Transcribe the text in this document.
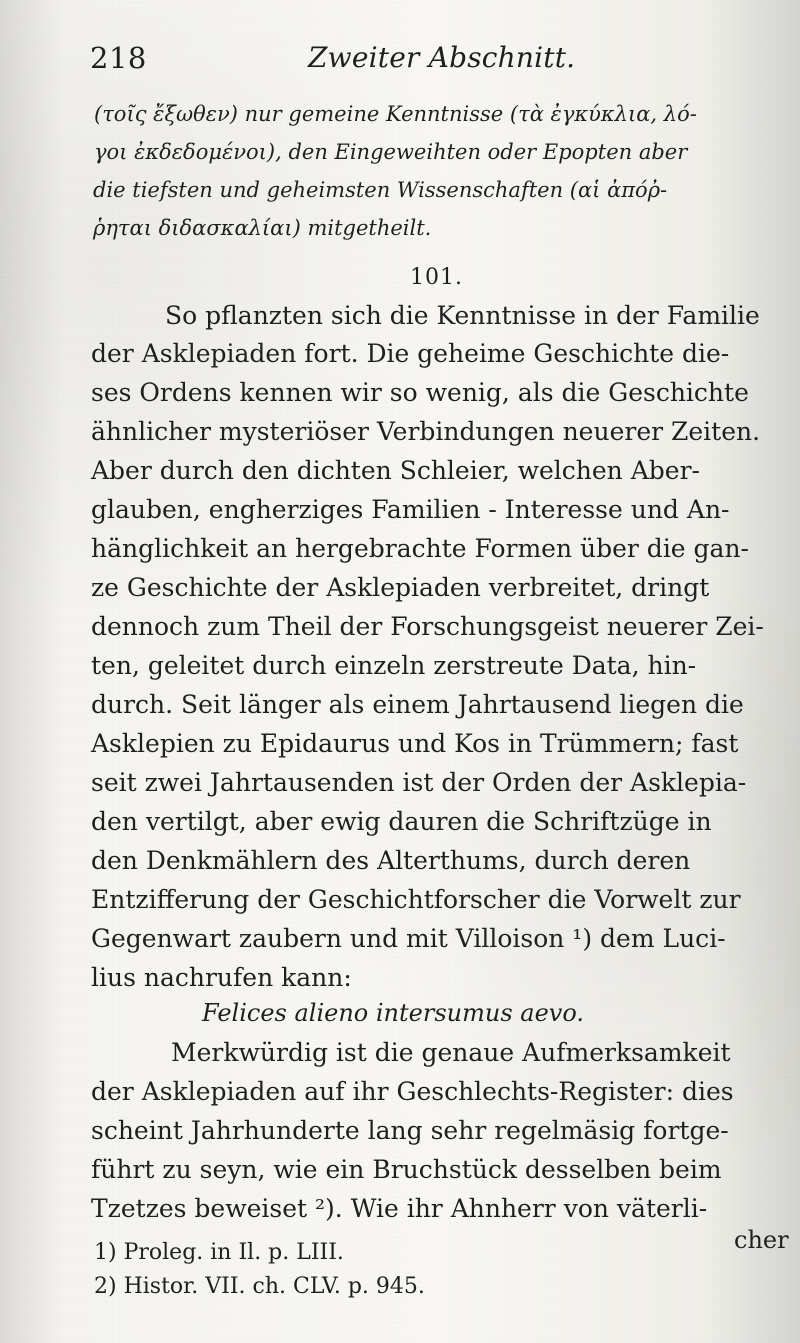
218	Zweiter Abschnitt.
(τοῖς ἔξωθεν) nur gemeine Kenntnisse (τὰ ἐγκύκλια, λό-
γοι ἐκδεδομένοι), den Eingeweihten oder Epopten aber
die tiefsten und geheimsten Wissenschaften (αἱ ἀπόῤ-
ῥηται διδασκαλίαι) mitgetheilt.
101.
So pflanzten sich die Kenntnisse in der Familie
der Asklepiaden fort. Die geheime Geschichte die-
ses Ordens kennen wir so wenig, als die Geschichte
ähnlicher mysteriöser Verbindungen neuerer Zeiten.
Aber durch den dichten Schleier, welchen Aber-
glauben, engherziges Familien - Interesse und An-
hänglichkeit an hergebrachte Formen über die gan-
ze Geschichte der Asklepiaden verbreitet, dringt
dennoch zum Theil der Forschungsgeist neuerer Zei-
ten, geleitet durch einzeln zerstreute Data, hin-
durch. Seit länger als einem Jahrtausend liegen die
Asklepien zu Epidaurus und Kos in Trümmern; fast
seit zwei Jahrtausenden ist der Orden der Asklepia-
den vertilgt, aber ewig dauren die Schriftzüge in
den Denkmählern des Alterthums, durch deren
Entzifferung der Geschichtforscher die Vorwelt zur
Gegenwart zaubern und mit Villoison ¹) dem Luci-
lius nachrufen kann:
Felices alieno intersumus aevo.
Merkwürdig ist die genaue Aufmerksamkeit
der Asklepiaden auf ihr Geschlechts-Register: dies
scheint Jahrhunderte lang sehr regelmäsig fortge-
führt zu seyn, wie ein Bruchstück desselben beim
Tzetzes beweiset ²). Wie ihr Ahnherr von väterli-
cher
1) Proleg. in Il. p. LIII.
2) Histor. VII. ch. CLV. p. 945.
